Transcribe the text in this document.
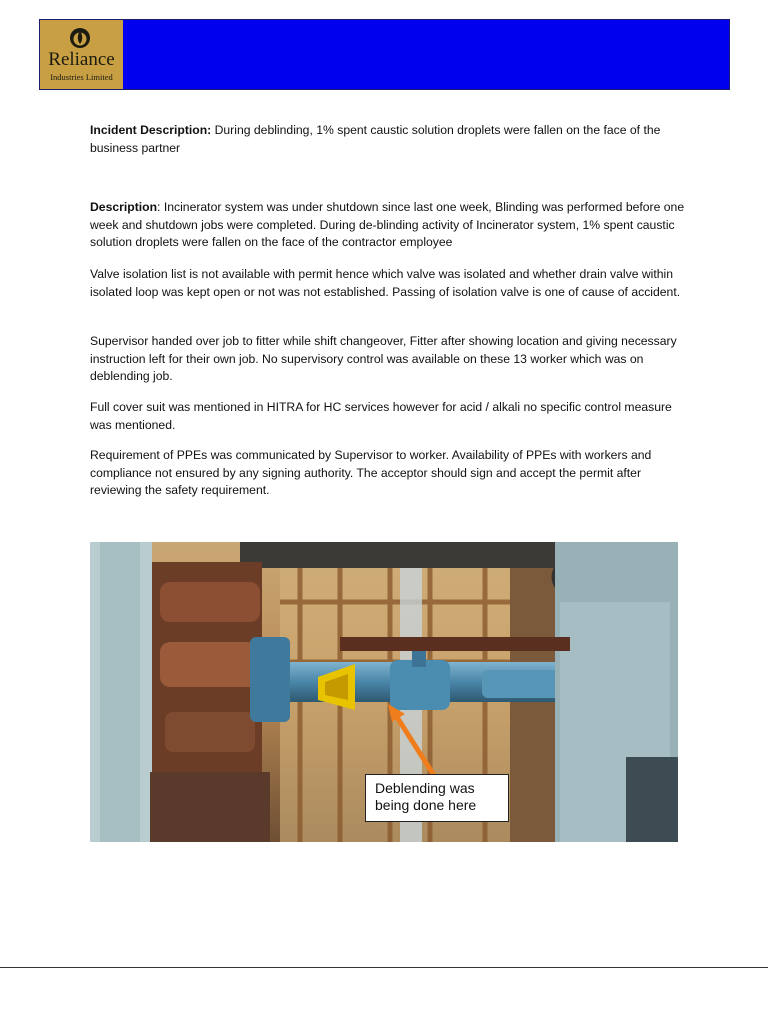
Reliance
Industries Limited

Incident Description: During deblinding, 1% spent caustic solution droplets were fallen on the face of the business partner

Description: Incinerator system was under shutdown since last one week, Blinding was performed before one week and shutdown jobs were completed. During de-blinding activity of Incinerator system, 1% spent caustic solution droplets were fallen on the face of the contractor employee

Valve isolation list is not available with permit hence which valve was isolated and whether drain valve within isolated loop was kept open or not was not established. Passing of isolation valve is one of cause of accident.

Supervisor handed over job to fitter while shift changeover, Fitter after showing location and giving necessary instruction left for their own job. No supervisory control was available on these 13 worker which was on deblending job.

Full cover suit was mentioned in HITRA for HC services however for acid / alkali no specific control measure was mentioned.

Requirement of PPEs was communicated by Supervisor to worker. Availability of PPEs with workers and compliance not ensured by any signing authority. The acceptor should sign and accept the permit after reviewing the safety requirement.

Deblending was being done here
